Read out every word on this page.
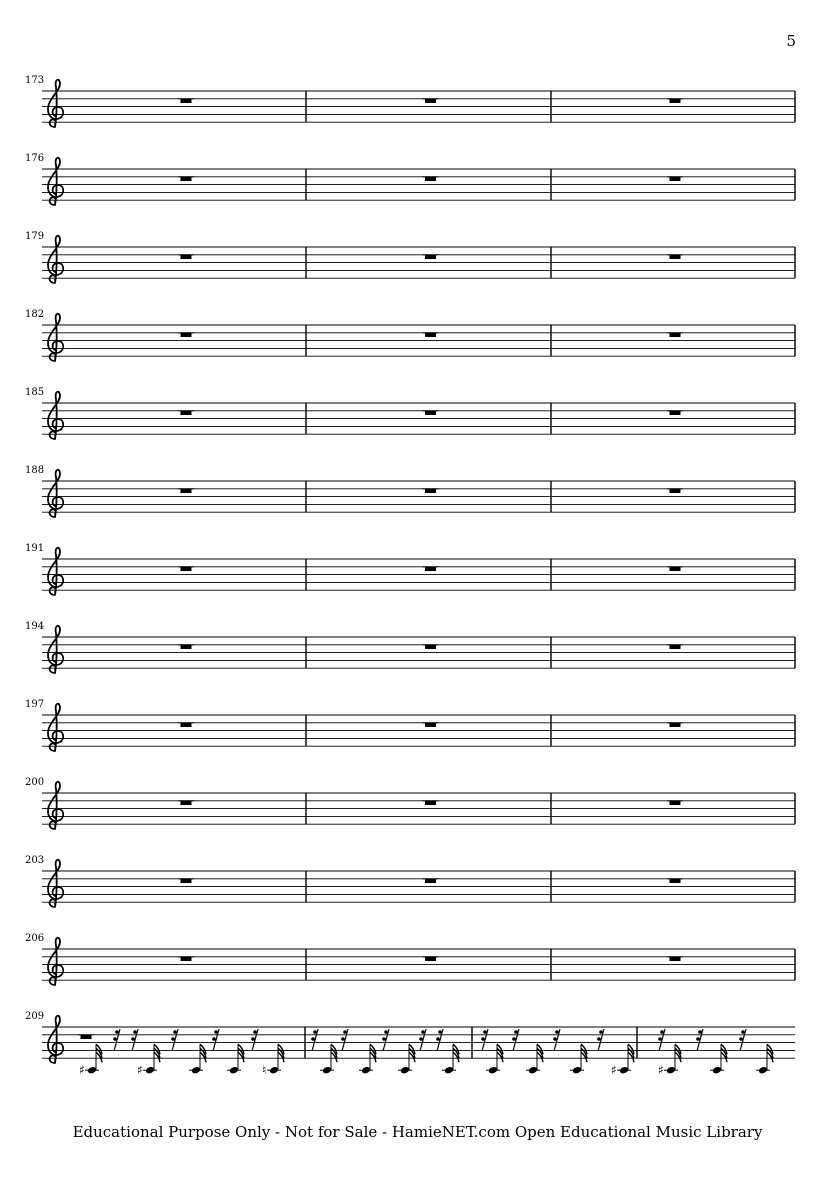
5
173
176
179
182
185
188
191
194
197
200
203
206
209
♯	♯	♮	♯	♯
Educational Purpose Only - Not for Sale - HamieNET.com Open Educational Music Library
